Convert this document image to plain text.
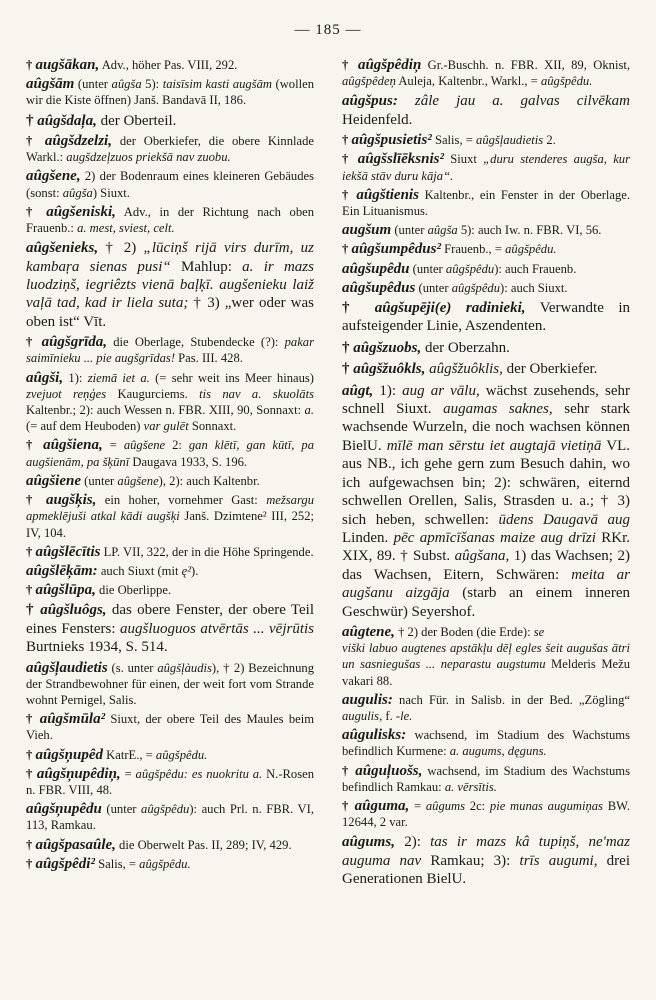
— 185 —

† augšākan, Adv., höher Pas. VIII, 292.

aûgšām (unter aûgša 5): taisīsim kasti augšām (wollen wir die Kiste öffnen) Janš. Bandavā II, 186.

† aûgšdaļa, der Oberteil.

† aûgšdzelzi, der Oberkiefer, die obere Kinnlade Warkl.: augšdzeļzuos priekšā nav zuobu.

aûgšene, 2) der Bodenraum eines kleineren Gebäudes (sonst: aûgša) Siuxt.

† aûgšeniski, Adv., in der Richtung nach oben Frauenb.: a. mest, sviest, celt.

aûgšenieks, † 2) „lūciņš rijā virs durīm, uz kambaŗa sienas pusi“ Mahlup: a. ir mazs luodziņš, iegriêzts vienā baļķī. augšenieku laiž vaļā tad, kad ir liela suta; † 3) „wer oder was oben ist“ Vīt.

† aûgšgrīda, die Oberlage, Stubendecke (?): pakar saimīnieku ... pie augšgrīdas! Pas. III. 428.

aûgši, 1): ziemā iet a. (= sehr weit ins Meer hinaus) zvejuot reņģes Kaugurciems. tis nav a. skuolāts Kaltenbr.; 2): auch Wessen n. FBR. XIII, 90, Sonnaxt: a. (= auf dem Heuboden) var gulēt Sonnaxt.

† aûgšiena, = aûgšene 2: gan klētī, gan kūtī, pa augšienām, pa šķūnī Daugava 1933, S. 196.

aûgšiene (unter aûgšene), 2): auch Kaltenbr.

† augšķis, ein hoher, vornehmer Gast: mežsargu apmeklējuši atkal kādi augšķi Janš. Dzimtene² III, 252; IV, 104.

† aûgšlēcītis LP. VII, 322, der in die Höhe Springende.

aûgšlēķām: auch Siuxt (mit ę²).

† aûgšlūpa, die Oberlippe.

† aûgšluôgs, das obere Fenster, der obere Teil eines Fensters: augšluoguos atvērtās ... vējrūtis Burtnieks 1934, S. 514.

aûgšļaudietis (s. unter aûgšļàudis), † 2) Bezeichnung der Strandbewohner für einen, der weit fort vom Strande wohnt Pernigel, Salis.

† aûgšmūla² Siuxt, der obere Teil des Maules beim Vieh.

† aûgšņupêd KatrE., = aûgšpêdu.

† aûgšņupêdiņ, = aûgšpêdu: es nuokritu a. N.-Rosen n. FBR. VIII, 48.

aûgšņupêdu (unter aûgšpêdu): auch Prl. n. FBR. VI, 113, Ramkau.

† aûgšpasaûle, die Oberwelt Pas. II, 289; IV, 429.

† aûgšpêdi² Salis, = aûgšpêdu.

† aûgšpêdiņ Gr.-Buschh. n. FBR. XII, 89, Oknist, aûgšpêdeņ Auleja, Kaltenbr., Warkl., = aûgšpêdu.

aûgšpus: zâle jau a. galvas cilvēkam Heidenfeld.

† aûgšpusietis² Salis, = aûgšļaudietis 2.

† aûgšslīēksnis² Siuxt „duru stenderes augša, kur iekšā stāv duru kāja“.

† aûgštienis Kaltenbr., ein Fenster in der Oberlage. Ein Lituanismus.

augšum (unter aûgša 5): auch Iw. n. FBR. VI, 56.

† aûgšumpêdus² Frauenb., = aûgšpêdu.

aûgšupêdu (unter aûgšpêdu): auch Frauenb.

aûgšupêdus (unter aûgšpêdu): auch Siuxt.

† aûgšupēji(e) radinieki, Verwandte in aufsteigender Linie, Aszendenten.

† aûgšzuobs, der Oberzahn.

† aûgšžuôkls, aûgšžuôklis, der Oberkiefer.

aûgt, 1): aug ar vālu, wächst zusehends, sehr schnell Siuxt. augamas saknes, sehr stark wachsende Wurzeln, die noch wachsen können BielU. mīlē man sērstu iet augtajā vietiņā VL. aus NB., ich gehe gern zum Besuch dahin, wo ich aufgewachsen bin; 2): schwären, eiternd schwellen Orellen, Salis, Strasden u. a.; † 3) sich heben, schwellen: ūdens Daugavā aug Linden. pēc apmīcīšanas maize aug drīzi RKr. XIX, 89. † Subst. aûgšana, 1) das Wachsen; 2) das Wachsen, Eitern, Schwären: meita ar augšanu aizgāja (starb an einem inneren Geschwür) Seyershof.

aûgtene, † 2) der Boden (die Erde): se
viški labuo augtenes apstākļu dēļ egles šeit augušas ātri un sasniegušas ... neparastu augstumu Melderis Mežu vakari 88.

augulis: nach Für. in Salisb. in der Bed. „Zögling“ augulis, f. -le.

aûgulisks: wachsend, im Stadium des Wachstums befindlich Kurmene: a. augums, dęguns.

† aûguļuošs, wachsend, im Stadium des Wachstums befindlich Ramkau: a. vērsītis.

† aûguma, = aûgums 2c: pie munas augumiņas BW. 12644, 2 var.

aûgums, 2): tas ir mazs kâ tupiņš, ne'maz auguma nav Ramkau; 3): trīs augumi, drei Generationen BielU.
